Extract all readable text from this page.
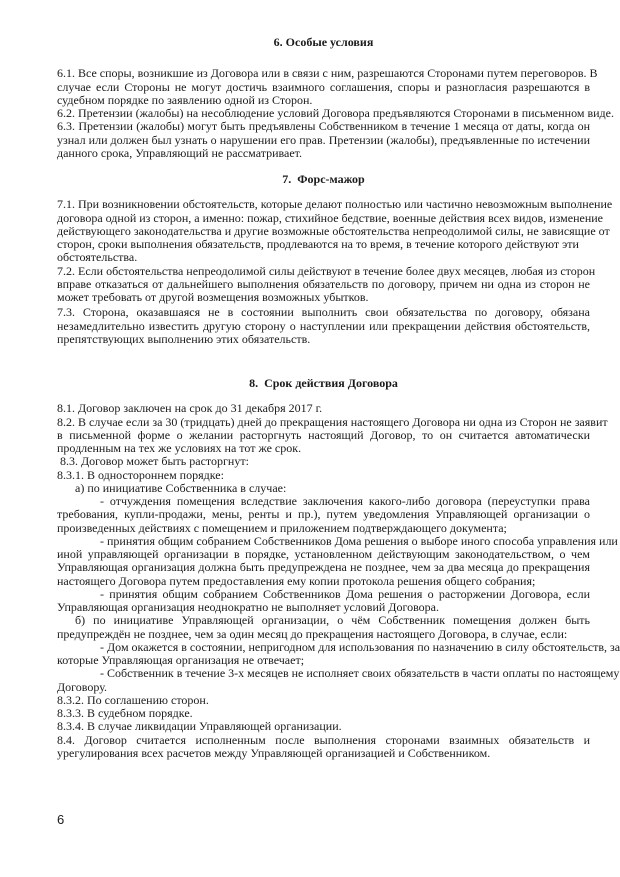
6. Особые условия
6.1. Все споры, возникшие из Договора или в связи с ним, разрешаются Сторонами путем переговоров. В
случае если Стороны не могут достичь взаимного соглашения, споры и разногласия разрешаются в
судебном порядке по заявлению одной из Сторон.
6.2. Претензии (жалобы) на несоблюдение условий Договора предъявляются Сторонами в письменном виде.
6.3. Претензии (жалобы) могут быть предъявлены Собственником в течение 1 месяца от даты, когда он
узнал или должен был узнать о нарушении его прав. Претензии (жалобы), предъявленные по истечении
данного срока, Управляющий не рассматривает.
7.  Форс-мажор
7.1. При возникновении обстоятельств, которые делают полностью или частично невозможным выполнение
договора одной из сторон, а именно: пожар, стихийное бедствие, военные действия всех видов, изменение
действующего законодательства и другие возможные обстоятельства непреодолимой силы, не зависящие от
сторон, сроки выполнения обязательств, продлеваются на то время, в течение которого действуют эти
обстоятельства.
7.2. Если обстоятельства непреодолимой силы действуют в течение более двух месяцев, любая из сторон
вправе отказаться от дальнейшего выполнения обязательств по договору, причем ни одна из сторон не
может требовать от другой возмещения возможных убытков.
7.3. Сторона, оказавшаяся не в состоянии выполнить свои обязательства по договору, обязана
незамедлительно известить другую сторону о наступлении или прекращении действия обстоятельств,
препятствующих выполнению этих обязательств.
8.  Срок действия Договора
8.1. Договор заключен на срок до 31 декабря 2017 г.
8.2. В случае если за 30 (тридцать) дней до прекращения настоящего Договора ни одна из Сторон не заявит
в письменной форме о желании расторгнуть настоящий Договор, то он считается автоматически
продленным на тех же условиях на тот же срок.
8.3. Договор может быть расторгнут:
8.3.1. В одностороннем порядке:
а) по инициативе Собственника в случае:
- отчуждения помещения вследствие заключения какого-либо договора (переуступки права
требования, купли-продажи, мены, ренты и пр.), путем уведомления Управляющей организации о
произведенных действиях с помещением и приложением подтверждающего документа;
- принятия общим собранием Собственников Дома решения о выборе иного способа управления или
иной управляющей организации в порядке, установленном действующим законодательством, о чем
Управляющая организация должна быть предупреждена не позднее, чем за два месяца до прекращения
настоящего Договора путем предоставления ему копии протокола решения общего собрания;
- принятия общим собранием Собственников Дома решения о расторжении Договора, если
Управляющая организация неоднократно не выполняет условий Договора.
б) по инициативе Управляющей организации, о чём Собственник помещения должен быть
предупреждён не позднее, чем за один месяц до прекращения настоящего Договора, в случае, если:
- Дом окажется в состоянии, непригодном для использования по назначению в силу обстоятельств, за
которые Управляющая организация не отвечает;
- Собственник в течение 3-х месяцев не исполняет своих обязательств в части оплаты по настоящему
Договору.
8.3.2. По соглашению сторон.
8.3.3. В судебном порядке.
8.3.4. В случае ликвидации Управляющей организации.
8.4. Договор считается исполненным после выполнения сторонами взаимных обязательств и
урегулирования всех расчетов между Управляющей организацией и Собственником.
6
